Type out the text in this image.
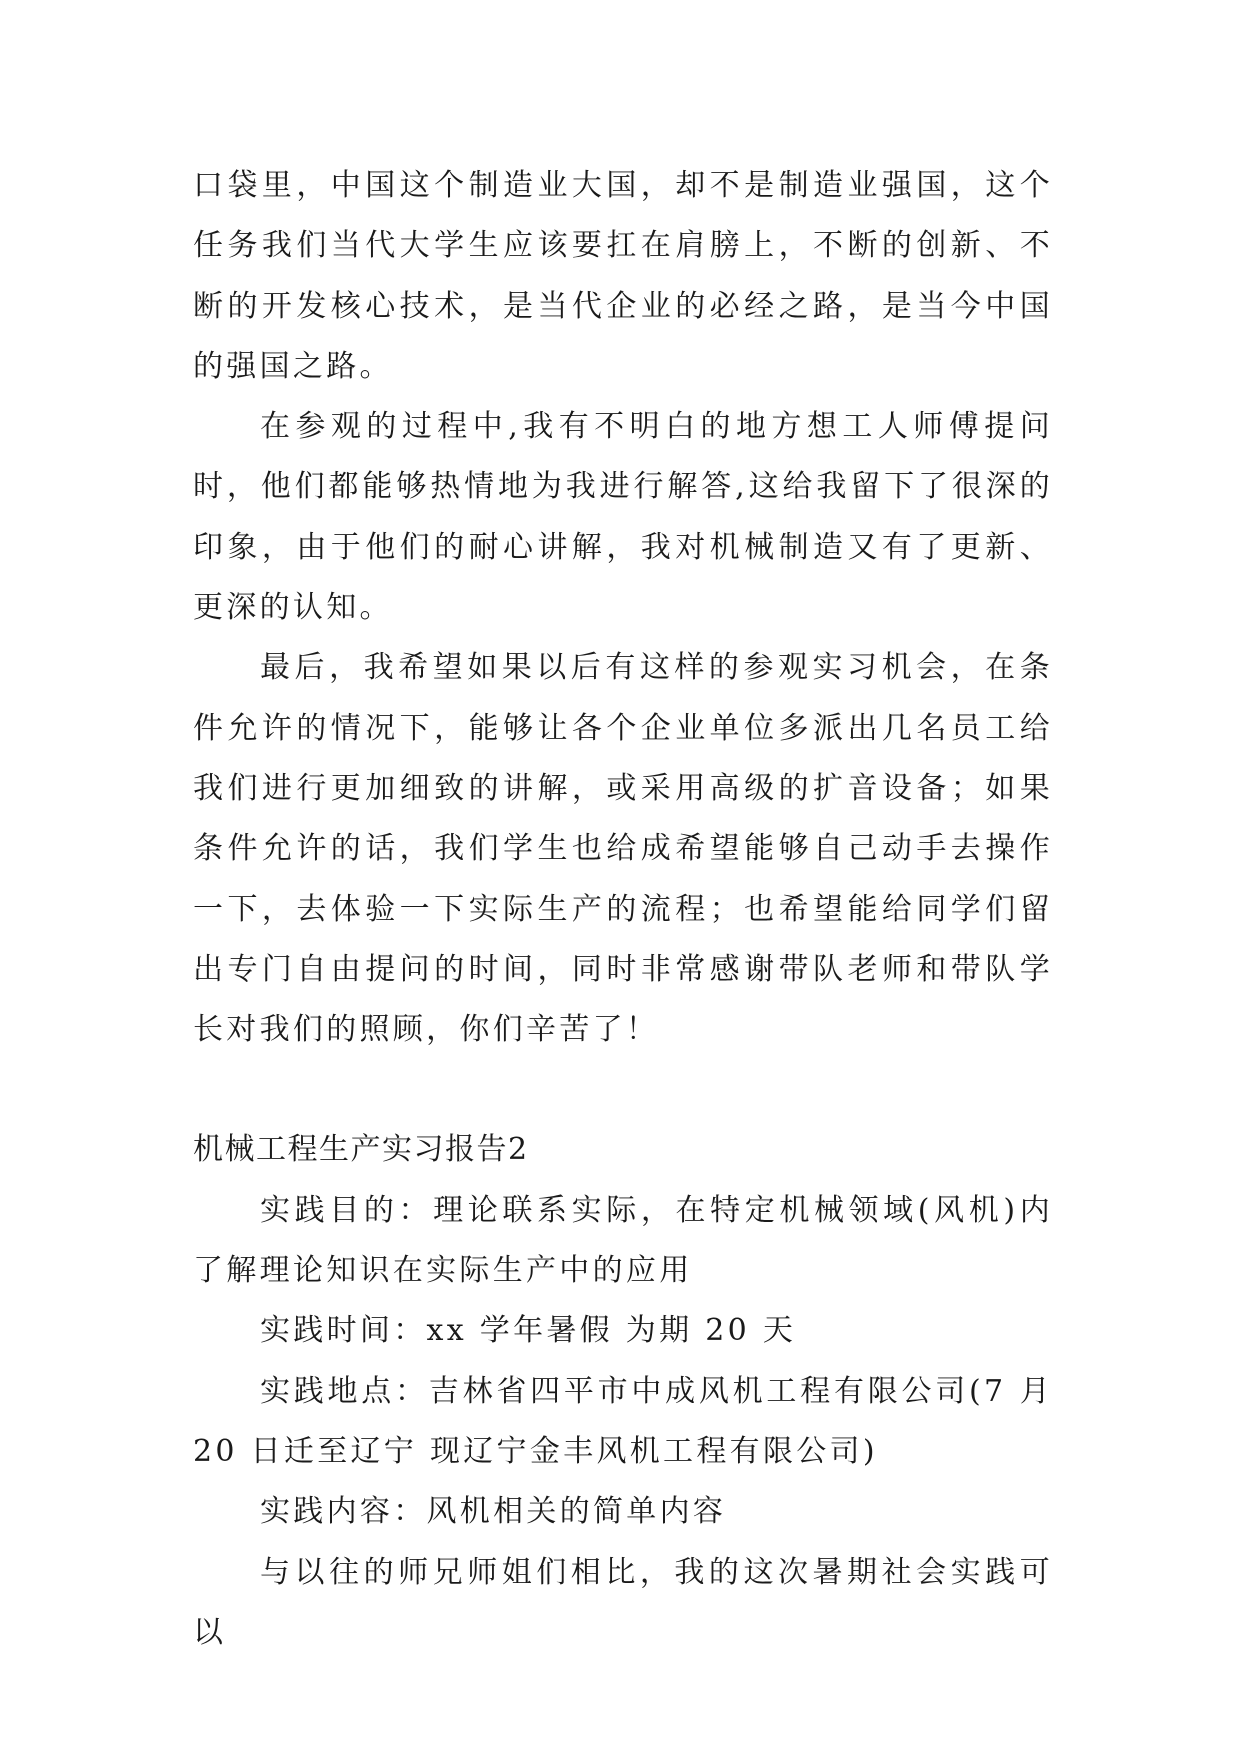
口袋里，中国这个制造业大国，却不是制造业强国，这个任务我们当代大学生应该要扛在肩膀上，不断的创新、不断的开发核心技术，是当代企业的必经之路，是当今中国的强国之路。

在参观的过程中,我有不明白的地方想工人师傅提问时，他们都能够热情地为我进行解答,这给我留下了很深的印象，由于他们的耐心讲解，我对机械制造又有了更新、更深的认知。

最后，我希望如果以后有这样的参观实习机会，在条件允许的情况下，能够让各个企业单位多派出几名员工给我们进行更加细致的讲解，或采用高级的扩音设备；如果条件允许的话，我们学生也给成希望能够自己动手去操作一下，去体验一下实际生产的流程；也希望能给同学们留出专门自由提问的时间，同时非常感谢带队老师和带队学长对我们的照顾，你们辛苦了！

机械工程生产实习报告2

实践目的：理论联系实际，在特定机械领域(风机)内了解理论知识在实际生产中的应用

实践时间：xx 学年暑假 为期 20 天

实践地点：吉林省四平市中成风机工程有限公司(7 月 20 日迁至辽宁 现辽宁金丰风机工程有限公司)

实践内容：风机相关的简单内容

与以往的师兄师姐们相比，我的这次暑期社会实践可以
